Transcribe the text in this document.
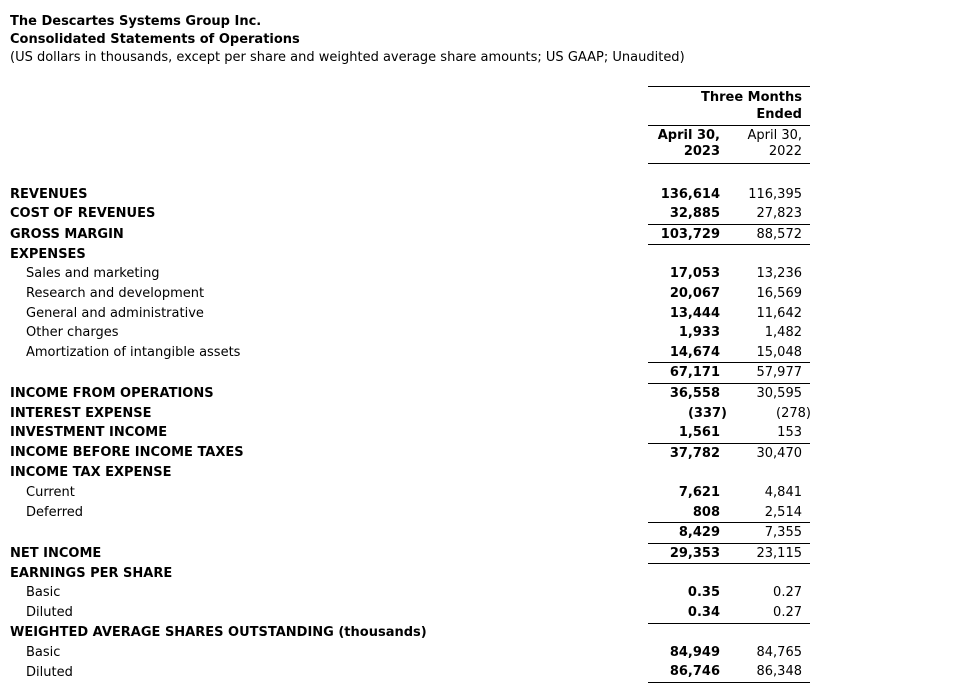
The Descartes Systems Group Inc.
Consolidated Statements of Operations
(US dollars in thousands, except per share and weighted average share amounts; US GAAP; Unaudited)

	Three Months
Ended	

April 30,
2023

April 30,
2022

REVENUES	136,614	116,395
COST OF REVENUES	32,885	27,823
GROSS MARGIN	103,729	88,572
EXPENSES		
Sales and marketing	17,053	13,236
Research and development	20,067	16,569
General and administrative	13,444	11,642
Other charges	1,933	1,482
Amortization of intangible assets	14,674	15,048
	67,171	57,977
INCOME FROM OPERATIONS	36,558	30,595
INTEREST EXPENSE	(337)	(278)
INVESTMENT INCOME	1,561	153
INCOME BEFORE INCOME TAXES	37,782	30,470
INCOME TAX EXPENSE		
Current	7,621	4,841
Deferred	808	2,514
	8,429	7,355
NET INCOME	29,353	23,115
EARNINGS PER SHARE		
Basic	0.35	0.27
Diluted	0.34	0.27
WEIGHTED AVERAGE SHARES OUTSTANDING (thousands)		
Basic	84,949	84,765
Diluted	86,746	86,348
